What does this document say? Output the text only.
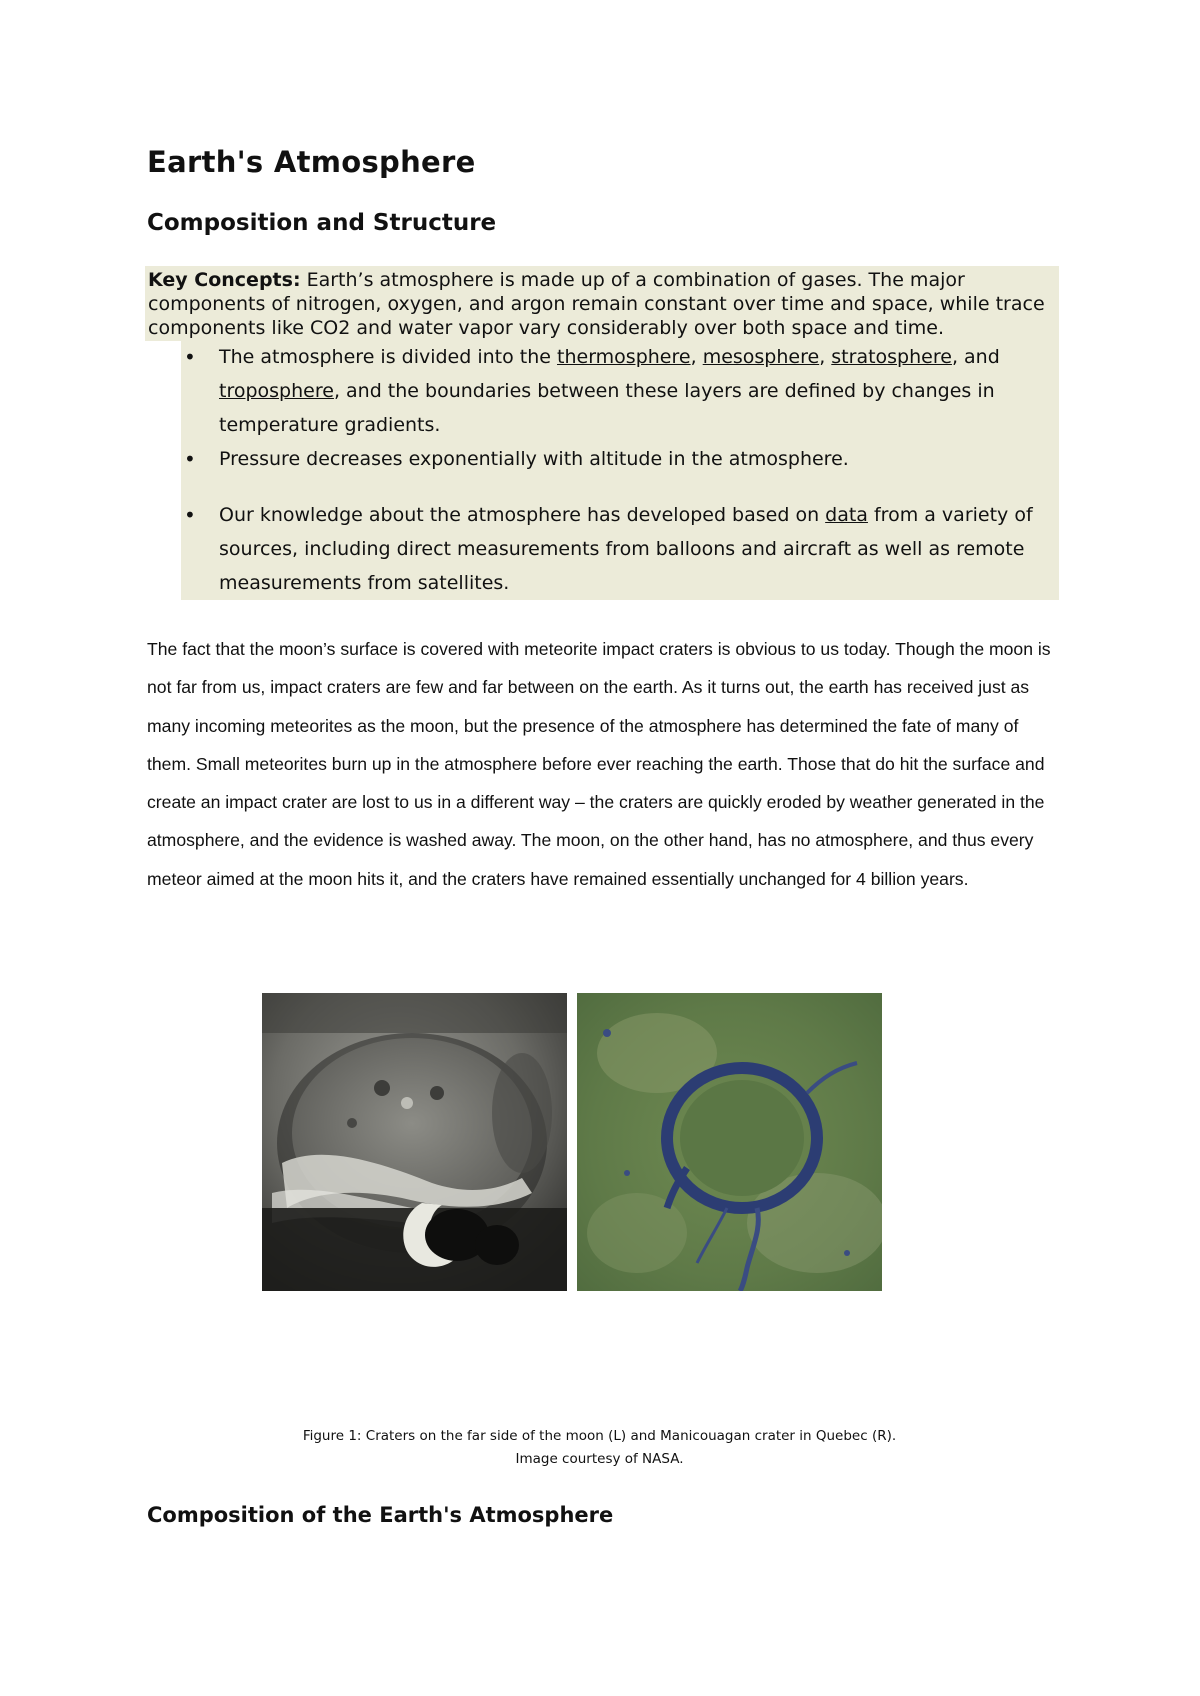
Earth's Atmosphere
Composition and Structure
Key Concepts: Earth’s atmosphere is made up of a combination of gases. The major components of nitrogen, oxygen, and argon remain constant over time and space, while trace components like CO2 and water vapor vary considerably over both space and time.
• The atmosphere is divided into the thermosphere, mesosphere, stratosphere, and troposphere, and the boundaries between these layers are defined by changes in temperature gradients.
• Pressure decreases exponentially with altitude in the atmosphere.
• Our knowledge about the atmosphere has developed based on data from a variety of sources, including direct measurements from balloons and aircraft as well as remote measurements from satellites.

The fact that the moon’s surface is covered with meteorite impact craters is obvious to us today. Though the moon is not far from us, impact craters are few and far between on the earth. As it turns out, the earth has received just as many incoming meteorites as the moon, but the presence of the atmosphere has determined the fate of many of them. Small meteorites burn up in the atmosphere before ever reaching the earth. Those that do hit the surface and create an impact crater are lost to us in a different way – the craters are quickly eroded by weather generated in the atmosphere, and the evidence is washed away. The moon, on the other hand, has no atmosphere, and thus every meteor aimed at the moon hits it, and the craters have remained essentially unchanged for 4 billion years.

Figure 1: Craters on the far side of the moon (L) and Manicouagan crater in Quebec (R).
Image courtesy of NASA.
Composition of the Earth's Atmosphere
